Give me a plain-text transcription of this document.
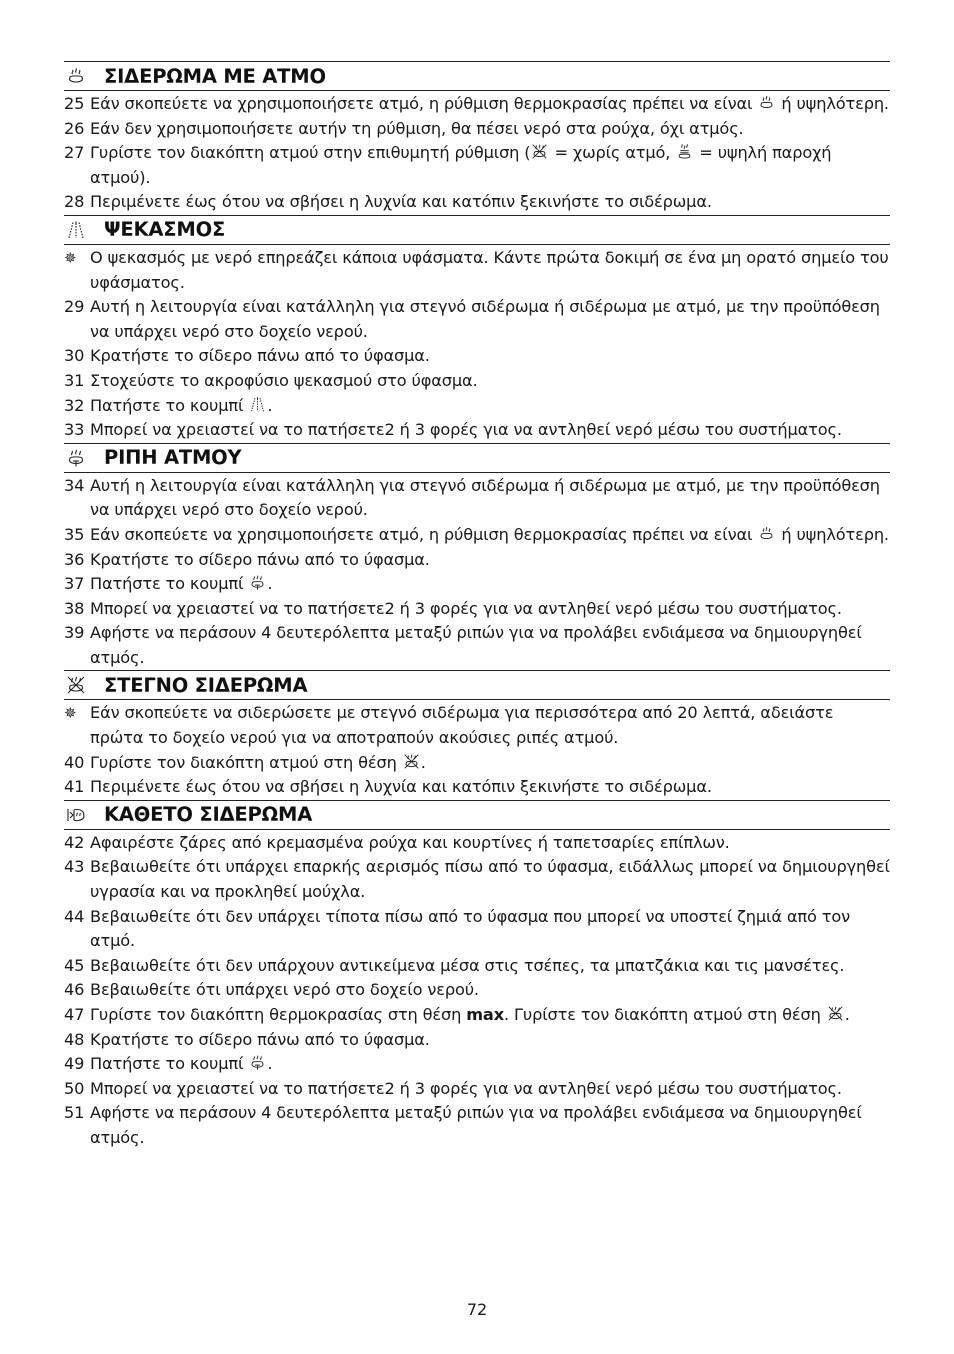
ΣΙΔΕΡΩΜΑ ΜΕ ΑΤΜΟ
25 Εάν σκοπεύετε να χρησιμοποιήσετε ατμό, η ρύθμιση θερμοκρασίας πρέπει να είναι  ή υψηλότερη.
26 Εάν δεν χρησιμοποιήσετε αυτήν τη ρύθμιση, θα πέσει νερό στα ρούχα, όχι ατμός.
27 Γυρίστε τον διακόπτη ατμού στην επιθυμητή ρύθμιση ( = χωρίς ατμό,  = υψηλή παροχή ατμού).
28 Περιμένετε έως ότου να σβήσει η λυχνία και κατόπιν ξεκινήστε το σιδέρωμα.
ΨΕΚΑΣΜΟΣ
✵ Ο ψεκασμός με νερό επηρεάζει κάποια υφάσματα. Κάντε πρώτα δοκιμή σε ένα μη ορατό σημείο του υφάσματος.
29 Αυτή η λειτουργία είναι κατάλληλη για στεγνό σιδέρωμα ή σιδέρωμα με ατμό, με την προϋπόθεση να υπάρχει νερό στο δοχείο νερού.
30 Κρατήστε το σίδερο πάνω από το ύφασμα.
31 Στοχεύστε το ακροφύσιο ψεκασμού στο ύφασμα.
32 Πατήστε το κουμπί .
33 Μπορεί να χρειαστεί να το πατήσετε2 ή 3 φορές για να αντληθεί νερό μέσω του συστήματος.
ΡΙΠΗ ΑΤΜΟΥ
34 Αυτή η λειτουργία είναι κατάλληλη για στεγνό σιδέρωμα ή σιδέρωμα με ατμό, με την προϋπόθεση να υπάρχει νερό στο δοχείο νερού.
35 Εάν σκοπεύετε να χρησιμοποιήσετε ατμό, η ρύθμιση θερμοκρασίας πρέπει να είναι  ή υψηλότερη.
36 Κρατήστε το σίδερο πάνω από το ύφασμα.
37 Πατήστε το κουμπί .
38 Μπορεί να χρειαστεί να το πατήσετε2 ή 3 φορές για να αντληθεί νερό μέσω του συστήματος.
39 Αφήστε να περάσουν 4 δευτερόλεπτα μεταξύ ριπών για να προλάβει ενδιάμεσα να δημιουργηθεί ατμός.
ΣΤΕΓΝΟ ΣΙΔΕΡΩΜΑ
✵ Εάν σκοπεύετε να σιδερώσετε με στεγνό σιδέρωμα για περισσότερα από 20 λεπτά, αδειάστε πρώτα το δοχείο νερού για να αποτραπούν ακούσιες ριπές ατμού.
40 Γυρίστε τον διακόπτη ατμού στη θέση .
41 Περιμένετε έως ότου να σβήσει η λυχνία και κατόπιν ξεκινήστε το σιδέρωμα.
ΚΑΘΕΤΟ ΣΙΔΕΡΩΜΑ
42 Αφαιρέστε ζάρες από κρεμασμένα ρούχα και κουρτίνες ή ταπετσαρίες επίπλων.
43 Βεβαιωθείτε ότι υπάρχει επαρκής αερισμός πίσω από το ύφασμα, ειδάλλως μπορεί να δημιουργηθεί υγρασία και να προκληθεί μούχλα.
44 Βεβαιωθείτε ότι δεν υπάρχει τίποτα πίσω από το ύφασμα που μπορεί να υποστεί ζημιά από τον ατμό.
45 Βεβαιωθείτε ότι δεν υπάρχουν αντικείμενα μέσα στις τσέπες, τα μπατζάκια και τις μανσέτες.
46 Βεβαιωθείτε ότι υπάρχει νερό στο δοχείο νερού.
47 Γυρίστε τον διακόπτη θερμοκρασίας στη θέση max. Γυρίστε τον διακόπτη ατμού στη θέση .
48 Κρατήστε το σίδερο πάνω από το ύφασμα.
49 Πατήστε το κουμπί .
50 Μπορεί να χρειαστεί να το πατήσετε2 ή 3 φορές για να αντληθεί νερό μέσω του συστήματος.
51 Αφήστε να περάσουν 4 δευτερόλεπτα μεταξύ ριπών για να προλάβει ενδιάμεσα να δημιουργηθεί ατμός.
72
